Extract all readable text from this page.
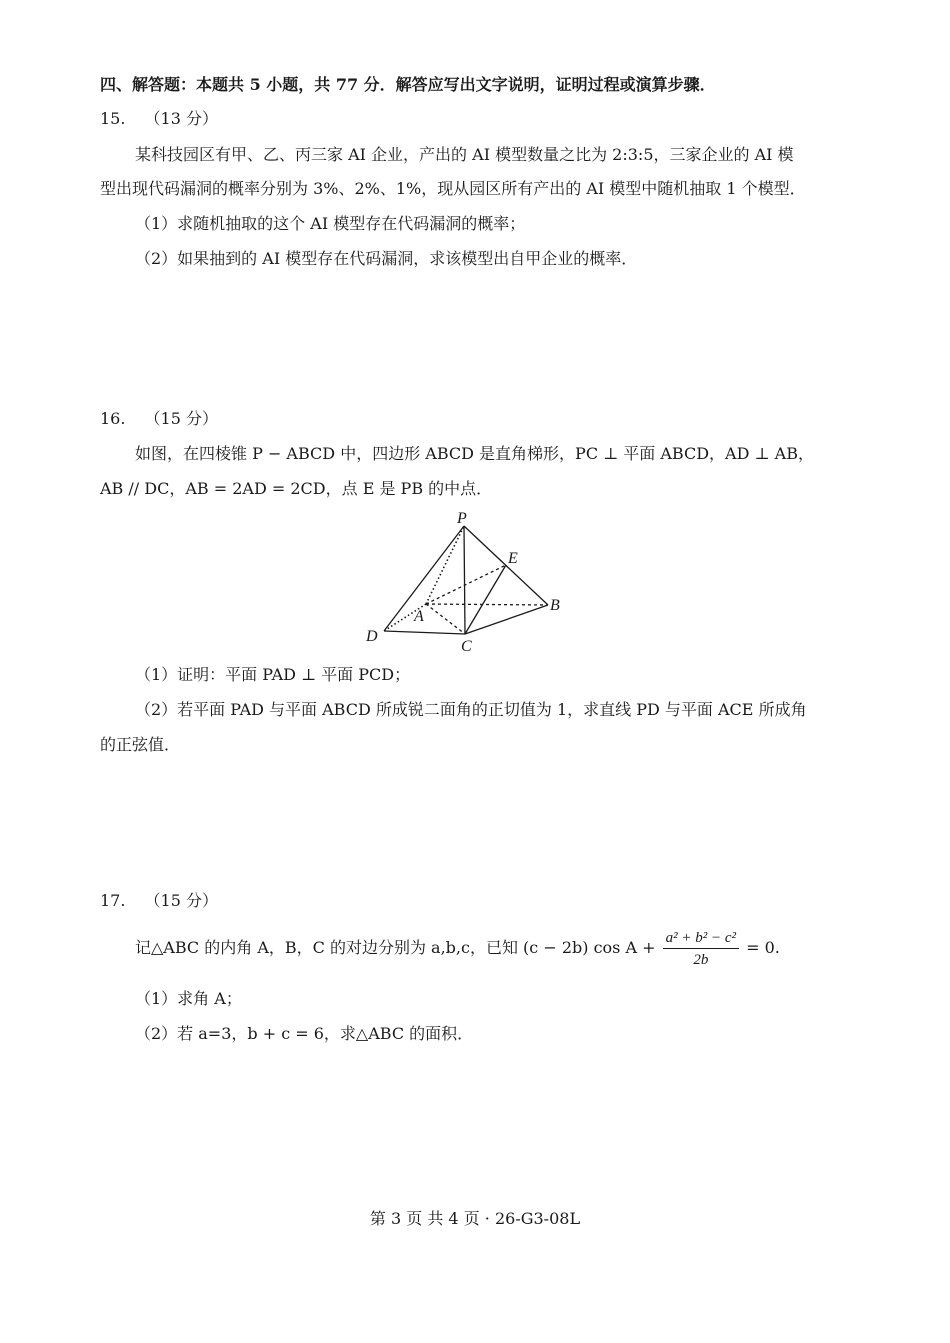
四、解答题：本题共 5 小题，共 77 分．解答应写出文字说明，证明过程或演算步骤．
15. （13 分）
某科技园区有甲、乙、丙三家 AI 企业，产出的 AI 模型数量之比为 2:3:5，三家企业的 AI 模
型出现代码漏洞的概率分别为 3%、2%、1%，现从园区所有产出的 AI 模型中随机抽取 1 个模型．
（1）求随机抽取的这个 AI 模型存在代码漏洞的概率；
（2）如果抽到的 AI 模型存在代码漏洞，求该模型出自甲企业的概率．
16. （15 分）
如图，在四棱锥 P − ABCD 中，四边形 ABCD 是直角梯形，PC ⊥ 平面 ABCD，AD ⊥ AB，
AB // DC，AB = 2AD = 2CD，点 E 是 PB 的中点．
P
E
A
B
C
D
（1）证明：平面 PAD ⊥ 平面 PCD；
（2）若平面 PAD 与平面 ABCD 所成锐二面角的正切值为 1，求直线 PD 与平面 ACE 所成角
的正弦值．
17. （15 分）
记△ABC 的内角 A，B，C 的对边分别为 a,b,c，已知 (c − 2b) $\cos A + \frac{\text{a² + b² − c²}}{2b} = 0$.
（1）求角 A；
（2）若 a=3，b + c = 6，求△ABC 的面积．
第 3 页 共 4 页 · 26-G3-08L
